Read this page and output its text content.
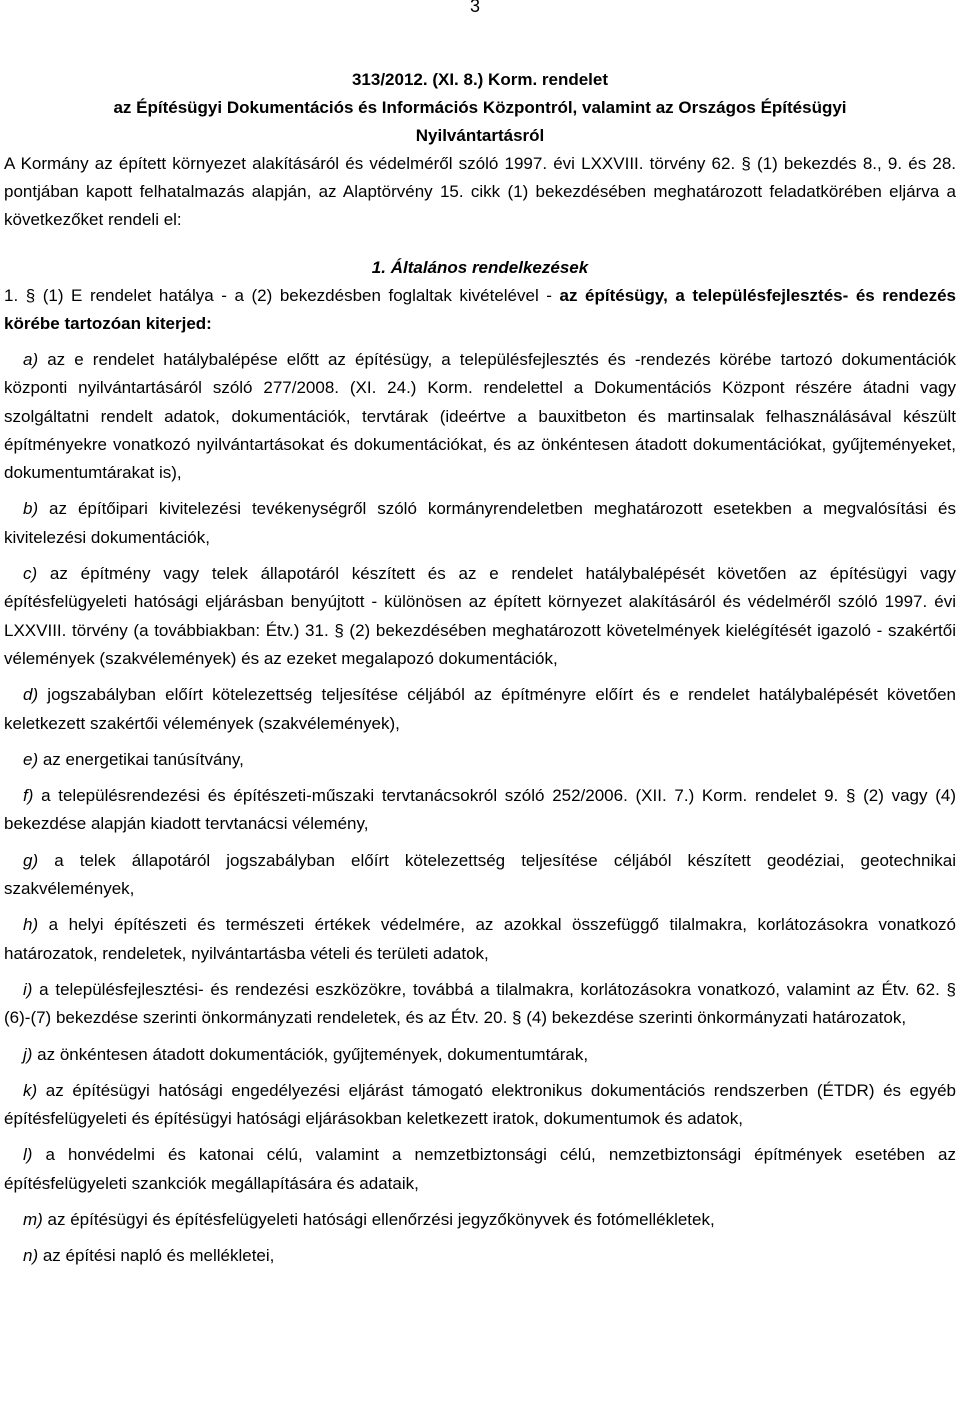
3

313/2012. (XI. 8.) Korm. rendelet

az Építésügyi Dokumentációs és Információs Központról, valamint az Országos Építésügyi

Nyilvántartásról

A Kormány az épített környezet alakításáról és védelméről szóló 1997. évi LXXVIII. törvény 62. § (1) bekezdés 8., 9. és 28. pontjában kapott felhatalmazás alapján, az Alaptörvény 15. cikk (1) bekezdésében meghatározott feladatkörében eljárva a következőket rendeli el:

1. Általános rendelkezések

1. § (1) E rendelet hatálya - a (2) bekezdésben foglaltak kivételével - az építésügy, a településfejlesztés- és rendezés körébe tartozóan kiterjed:

a) az e rendelet hatálybalépése előtt az építésügy, a településfejlesztés és -rendezés körébe tartozó dokumentációk központi nyilvántartásáról szóló 277/2008. (XI. 24.) Korm. rendelettel a Dokumentációs Központ részére átadni vagy szolgáltatni rendelt adatok, dokumentációk, tervtárak (ideértve a bauxitbeton és martinsalak felhasználásával készült építményekre vonatkozó nyilvántartásokat és dokumentációkat, és az önkéntesen átadott dokumentációkat, gyűjteményeket, dokumentumtárakat is),

b) az építőipari kivitelezési tevékenységről szóló kormányrendeletben meghatározott esetekben a megvalósítási és kivitelezési dokumentációk,

c) az építmény vagy telek állapotáról készített és az e rendelet hatálybalépését követően az építésügyi vagy építésfelügyeleti hatósági eljárásban benyújtott - különösen az épített környezet alakításáról és védelméről szóló 1997. évi LXXVIII. törvény (a továbbiakban: Étv.) 31. § (2) bekezdésében meghatározott követelmények kielégítését igazoló - szakértői vélemények (szakvélemények) és az ezeket megalapozó dokumentációk,

d) jogszabályban előírt kötelezettség teljesítése céljából az építményre előírt és e rendelet hatálybalépését követően keletkezett szakértői vélemények (szakvélemények),

e) az energetikai tanúsítvány,

f) a településrendezési és építészeti-műszaki tervtanácsokról szóló 252/2006. (XII. 7.) Korm. rendelet 9. § (2) vagy (4) bekezdése alapján kiadott tervtanácsi vélemény,

g) a telek állapotáról jogszabályban előírt kötelezettség teljesítése céljából készített geodéziai, geotechnikai szakvélemények,

h) a helyi építészeti és természeti értékek védelmére, az azokkal összefüggő tilalmakra, korlátozásokra vonatkozó határozatok, rendeletek, nyilvántartásba vételi és területi adatok,

i) a településfejlesztési- és rendezési eszközökre, továbbá a tilalmakra, korlátozásokra vonatkozó, valamint az Étv. 62. § (6)-(7) bekezdése szerinti önkormányzati rendeletek, és az Étv. 20. § (4) bekezdése szerinti önkormányzati határozatok,

j) az önkéntesen átadott dokumentációk, gyűjtemények, dokumentumtárak,

k) az építésügyi hatósági engedélyezési eljárást támogató elektronikus dokumentációs rendszerben (ÉTDR) és egyéb építésfelügyeleti és építésügyi hatósági eljárásokban keletkezett iratok, dokumentumok és adatok,

l) a honvédelmi és katonai célú, valamint a nemzetbiztonsági célú, nemzetbiztonsági építmények esetében az építésfelügyeleti szankciók megállapítására és adataik,

m) az építésügyi és építésfelügyeleti hatósági ellenőrzési jegyzőkönyvek és fotómellékletek,

n) az építési napló és mellékletei,
